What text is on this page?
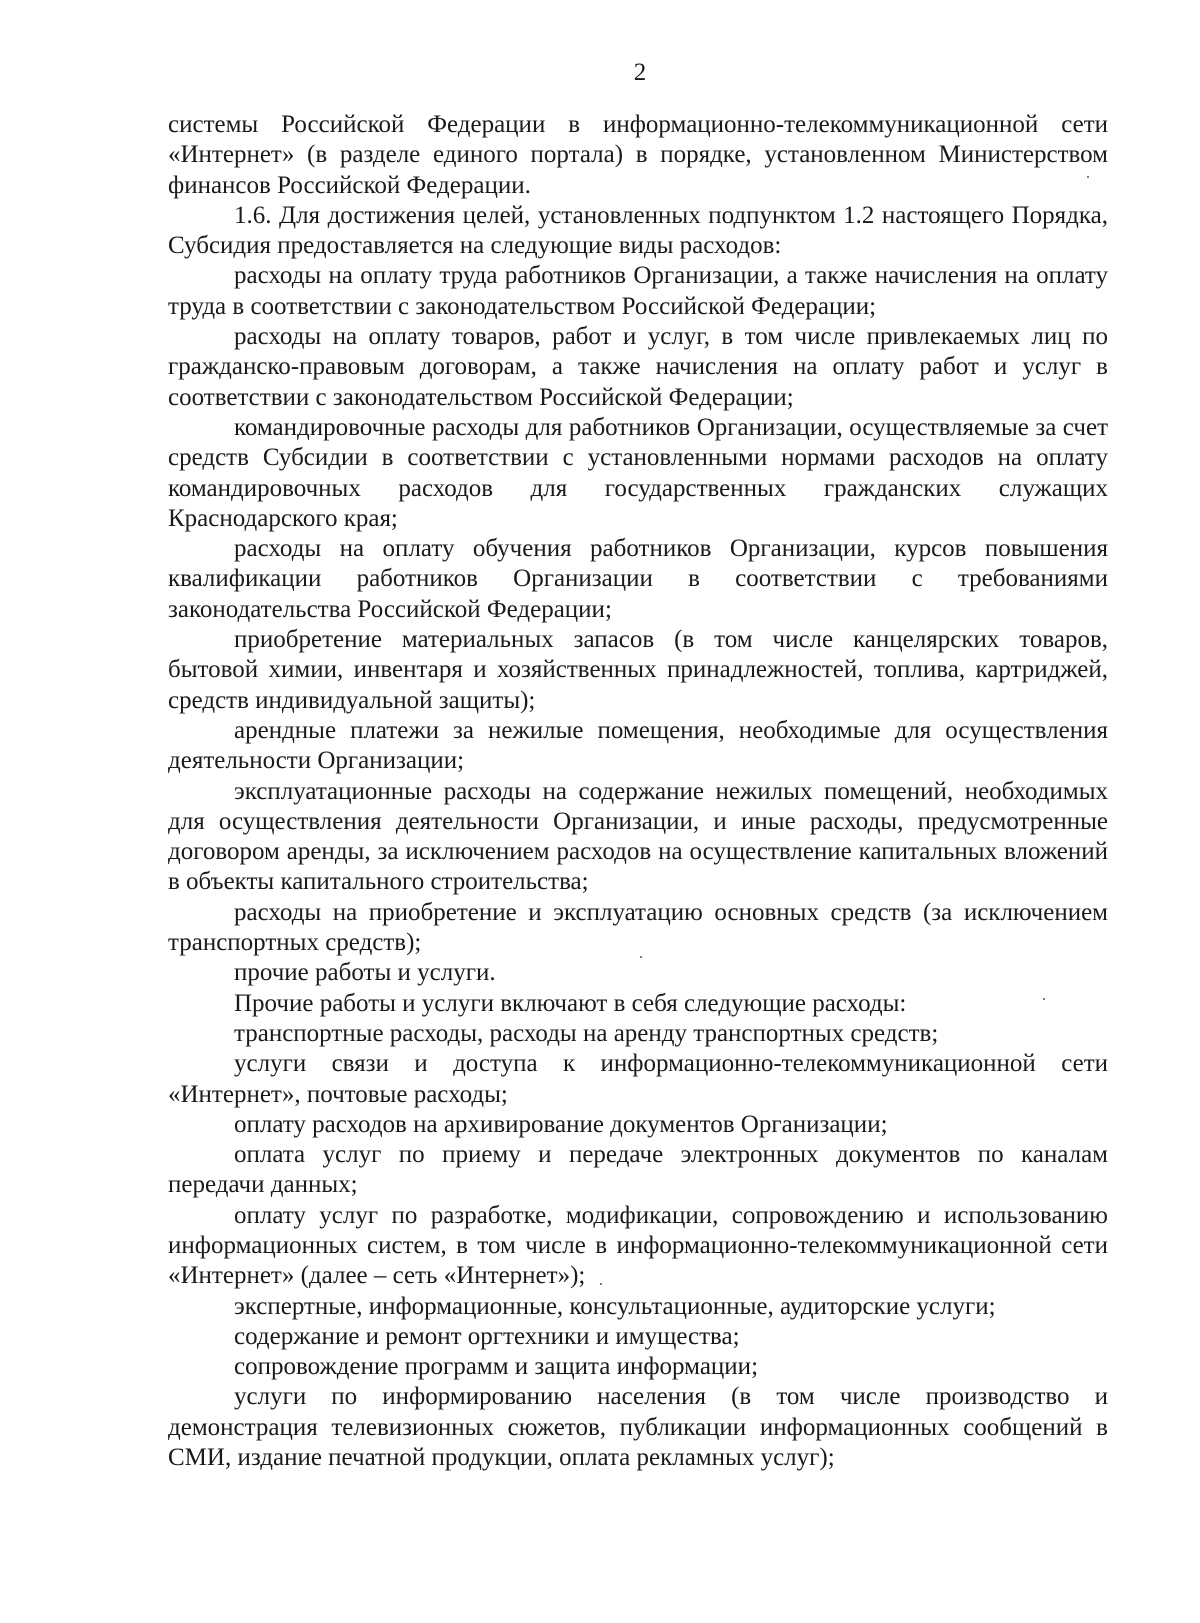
2

системы Российской Федерации в информационно-телекоммуникационной сети «Интернет» (в разделе единого портала) в порядке, установленном Министерством финансов Российской Федерации.

1.6. Для достижения целей, установленных подпунктом 1.2 настоящего Порядка, Субсидия предоставляется на следующие виды расходов:

расходы на оплату труда работников Организации, а также начисления на оплату труда в соответствии с законодательством Российской Федерации;

расходы на оплату товаров, работ и услуг, в том числе привлекаемых лиц по гражданско-правовым договорам, а также начисления на оплату работ и услуг в соответствии с законодательством Российской Федерации;

командировочные расходы для работников Организации, осуществляемые за счет средств Субсидии в соответствии с установленными нормами расходов на оплату командировочных расходов для государственных гражданских служащих Краснодарского края;

расходы на оплату обучения работников Организации, курсов повышения квалификации работников Организации в соответствии с требованиями законодательства Российской Федерации;

приобретение материальных запасов (в том числе канцелярских товаров, бытовой химии, инвентаря и хозяйственных принадлежностей, топлива, картриджей, средств индивидуальной защиты);

арендные платежи за нежилые помещения, необходимые для осуществления деятельности Организации;

эксплуатационные расходы на содержание нежилых помещений, необходимых для осуществления деятельности Организации, и иные расходы, предусмотренные договором аренды, за исключением расходов на осуществление капитальных вложений в объекты капитального строительства;

расходы на приобретение и эксплуатацию основных средств (за исключением транспортных средств);

прочие работы и услуги.

Прочие работы и услуги включают в себя следующие расходы:

транспортные расходы, расходы на аренду транспортных средств;

услуги связи и доступа к информационно-телекоммуникационной сети «Интернет», почтовые расходы;

оплату расходов на архивирование документов Организации;

оплата услуг по приему и передаче электронных документов по каналам передачи данных;

оплату услуг по разработке, модификации, сопровождению и использованию информационных систем, в том числе в информационно-телекоммуникационной сети «Интернет» (далее – сеть «Интернет»);

экспертные, информационные, консультационные, аудиторские услуги;

содержание и ремонт оргтехники и имущества;

сопровождение программ и защита информации;

услуги по информированию населения (в том числе производство и демонстрация телевизионных сюжетов, публикации информационных сообщений в СМИ, издание печатной продукции, оплата рекламных услуг);
